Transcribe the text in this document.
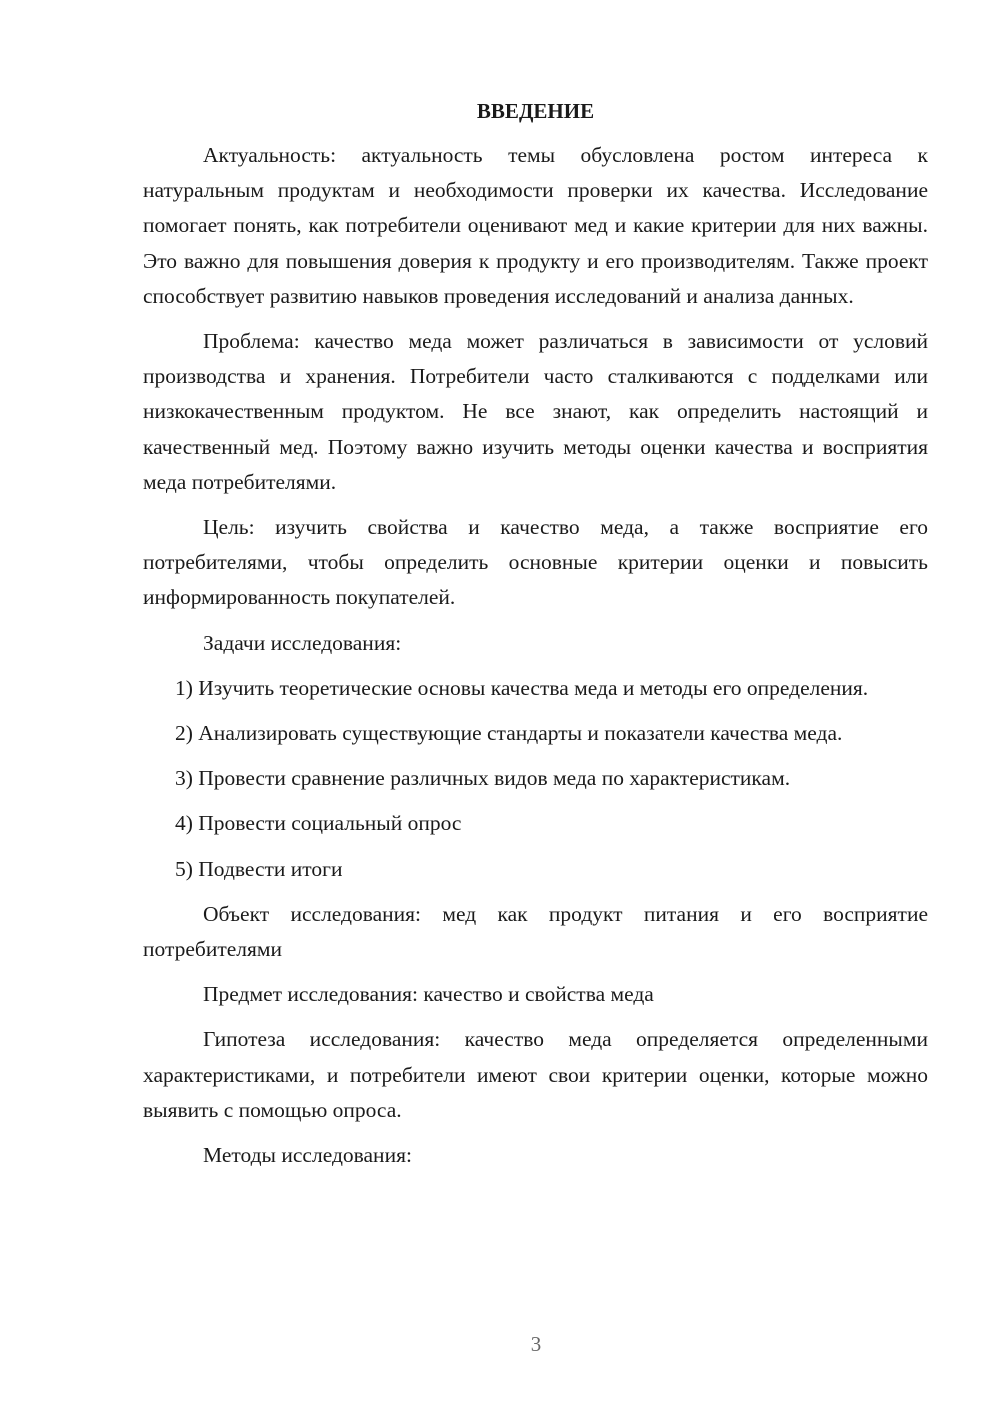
ВВЕДЕНИЕ

Актуальность: актуальность темы обусловлена ростом интереса к натуральным продуктам и необходимости проверки их качества. Исследование помогает понять, как потребители оценивают мед и какие критерии для них важны. Это важно для повышения доверия к продукту и его производителям. Также проект способствует развитию навыков проведения исследований и анализа данных.

Проблема: качество меда может различаться в зависимости от условий производства и хранения. Потребители часто сталкиваются с подделками или низкокачественным продуктом. Не все знают, как определить настоящий и качественный мед. Поэтому важно изучить методы оценки качества и восприятия меда потребителями.

Цель: изучить свойства и качество меда, а также восприятие его потребителями, чтобы определить основные критерии оценки и повысить информированность покупателей.

Задачи исследования:

1) Изучить теоретические основы качества меда и методы его определения.

2) Анализировать существующие стандарты и показатели качества меда.

3) Провести сравнение различных видов меда по характеристикам.

4) Провести социальный опрос

5) Подвести итоги

Объект исследования: мед как продукт питания и его восприятие потребителями

Предмет исследования: качество и свойства меда

Гипотеза исследования: качество меда определяется определенными характеристиками, и потребители имеют свои критерии оценки, которые можно выявить с помощью опроса.

Методы исследования:

3
